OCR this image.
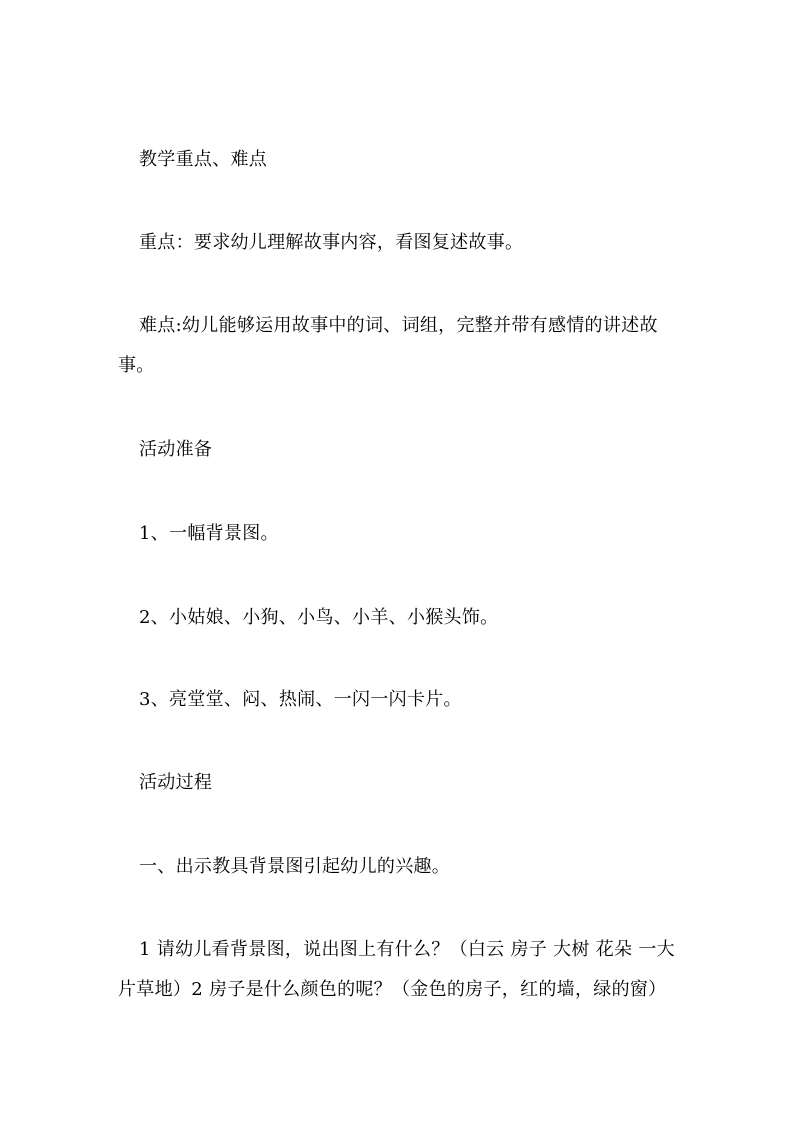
教学重点、难点
重点：要求幼儿理解故事内容，看图复述故事。
难点:幼儿能够运用故事中的词、词组，完整并带有感情的讲述故事。
活动准备
1、一幅背景图。
2、小姑娘、小狗、小鸟、小羊、小猴头饰。
3、亮堂堂、闷、热闹、一闪一闪卡片。
活动过程
一、出示教具背景图引起幼儿的兴趣。
1 请幼儿看背景图，说出图上有什么？（白云 房子 大树 花朵 一大片草地）2 房子是什么颜色的呢？（金色的房子，红的墙，绿的窗）
